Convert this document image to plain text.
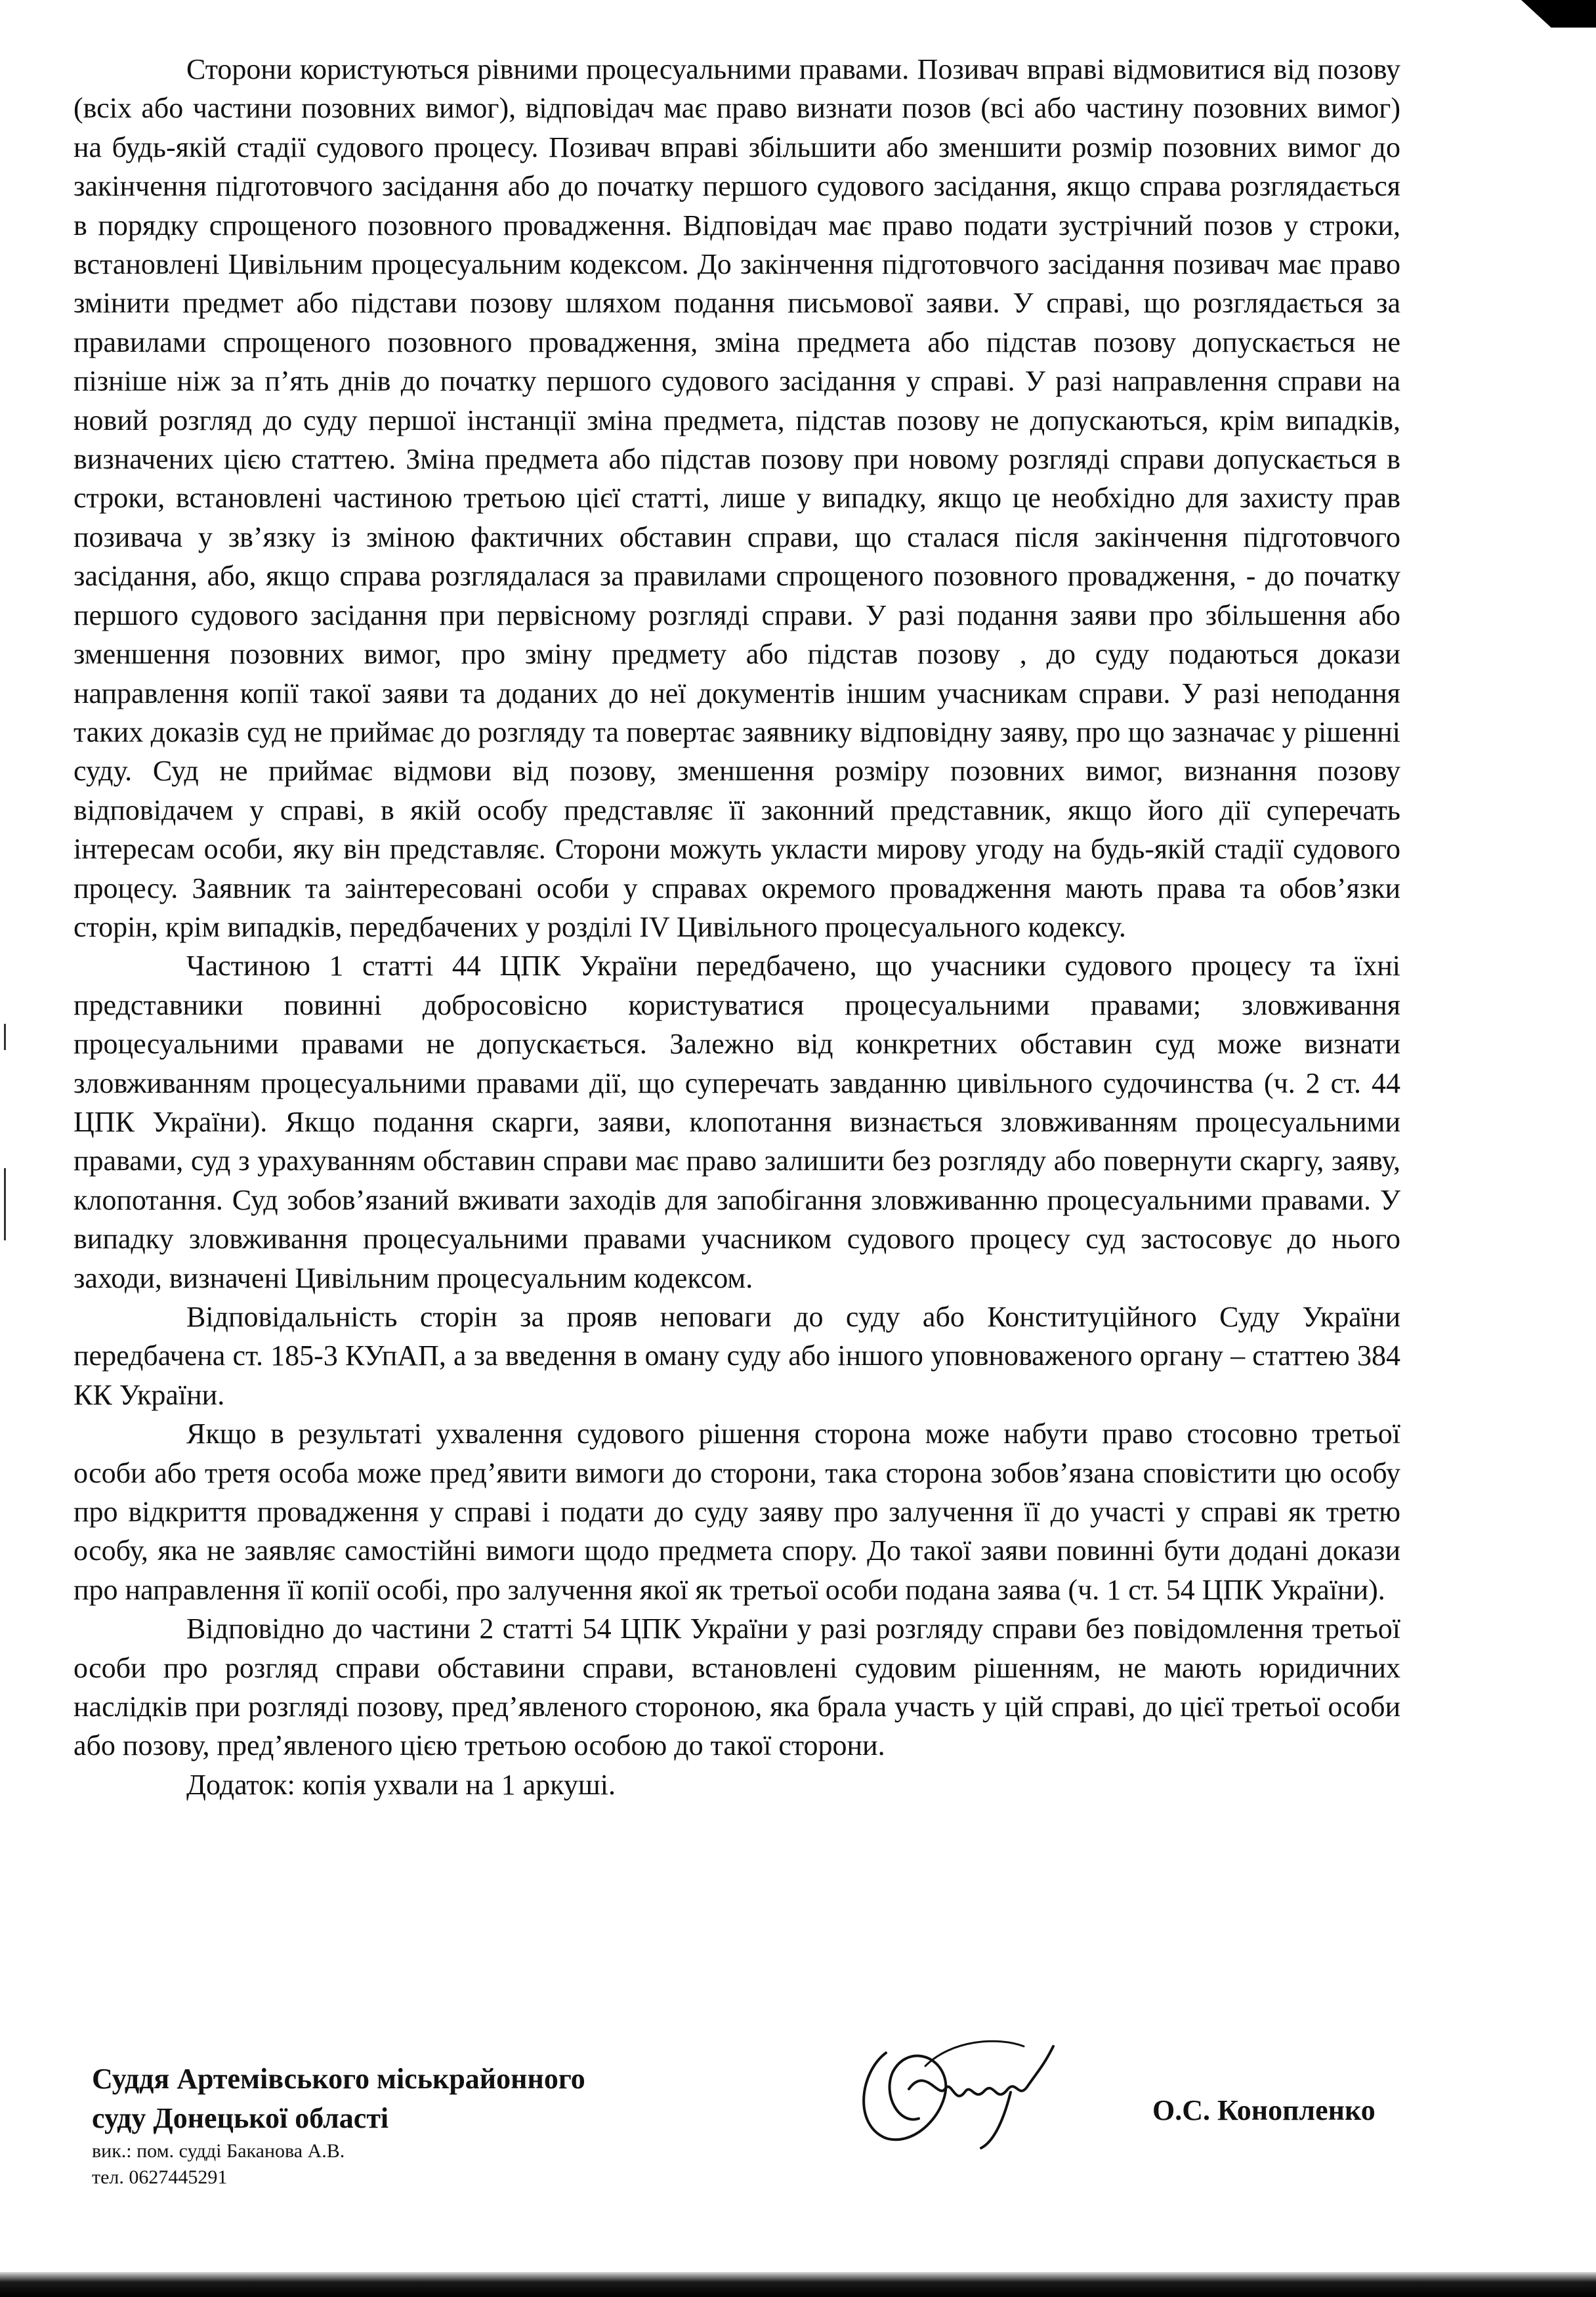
Сторони користуються рівними процесуальними правами. Позивач вправі відмовитися від позову (всіх або частини позовних вимог), відповідач має право визнати позов (всі або частину позовних вимог) на будь-якій стадії судового процесу. Позивач вправі збільшити або зменшити розмір позовних вимог до закінчення підготовчого засідання або до початку першого судового засідання, якщо справа розглядається в порядку спрощеного позовного провадження. Відповідач має право подати зустрічний позов у строки, встановлені Цивільним процесуальним кодексом. До закінчення підготовчого засідання позивач має право змінити предмет або підстави позову шляхом подання письмової заяви. У справі, що розглядається за правилами спрощеного позовного провадження, зміна предмета або підстав позову допускається не пізніше ніж за п’ять днів до початку першого судового засідання у справі. У разі направлення справи на новий розгляд до суду першої інстанції зміна предмета, підстав позову не допускаються, крім випадків, визначених цією статтею. Зміна предмета або підстав позову при новому розгляді справи допускається в строки, встановлені частиною третьою цієї статті, лише у випадку, якщо це необхідно для захисту прав позивача у зв’язку із зміною фактичних обставин справи, що сталася після закінчення підготовчого засідання, або, якщо справа розглядалася за правилами спрощеного позовного провадження, - до початку першого судового засідання при первісному розгляді справи. У разі подання заяви про збільшення або зменшення позовних вимог, про зміну предмету або підстав позову , до суду подаються докази направлення копії такої заяви та доданих до неї документів іншим учасникам справи. У разі неподання таких доказів суд не приймає до розгляду та повертає заявнику відповідну заяву, про що зазначає у рішенні суду. Суд не приймає відмови від позову, зменшення розміру позовних вимог, визнання позову відповідачем у справі, в якій особу представляє її законний представник, якщо його дії суперечать інтересам особи, яку він представляє. Сторони можуть укласти мирову угоду на будь-якій стадії судового процесу. Заявник та заінтересовані особи у справах окремого провадження мають права та обов’язки сторін, крім випадків, передбачених у розділі IV Цивільного процесуального кодексу.

Частиною 1 статті 44 ЦПК України передбачено, що учасники судового процесу та їхні представники повинні добросовісно користуватися процесуальними правами; зловживання процесуальними правами не допускається. Залежно від конкретних обставин суд може визнати зловживанням процесуальними правами дії, що суперечать завданню цивільного судочинства (ч. 2 ст. 44 ЦПК України). Якщо подання скарги, заяви, клопотання визнається зловживанням процесуальними правами, суд з урахуванням обставин справи має право залишити без розгляду або повернути скаргу, заяву, клопотання. Суд зобов’язаний вживати заходів для запобігання зловживанню процесуальними правами. У випадку зловживання процесуальними правами учасником судового процесу суд застосовує до нього заходи, визначені Цивільним процесуальним кодексом.

Відповідальність сторін за прояв неповаги до суду або Конституційного Суду України передбачена ст. 185-3 КУпАП, а за введення в оману суду або іншого уповноваженого органу – статтею 384 КК України.

Якщо в результаті ухвалення судового рішення сторона може набути право стосовно третьої особи або третя особа може пред’явити вимоги до сторони, така сторона зобов’язана сповістити цю особу про відкриття провадження у справі і подати до суду заяву про залучення її до участі у справі як третю особу, яка не заявляє самостійні вимоги щодо предмета спору. До такої заяви повинні бути додані докази про направлення її копії особі, про залучення якої як третьої особи подана заява (ч. 1 ст. 54 ЦПК України).

Відповідно до частини 2 статті 54 ЦПК України у разі розгляду справи без повідомлення третьої особи про розгляд справи обставини справи, встановлені судовим рішенням, не мають юридичних наслідків при розгляді позову, пред’явленого стороною, яка брала участь у цій справі, до цієї третьої особи або позову, пред’явленого цією третьою особою до такої сторони.

Додаток: копія ухвали на 1 аркуші.

Суддя Артемівського міськрайонного

суду Донецької області

вик.: пом. судді Баканова А.В.

тел. 0627445291

О.С. Конопленко
